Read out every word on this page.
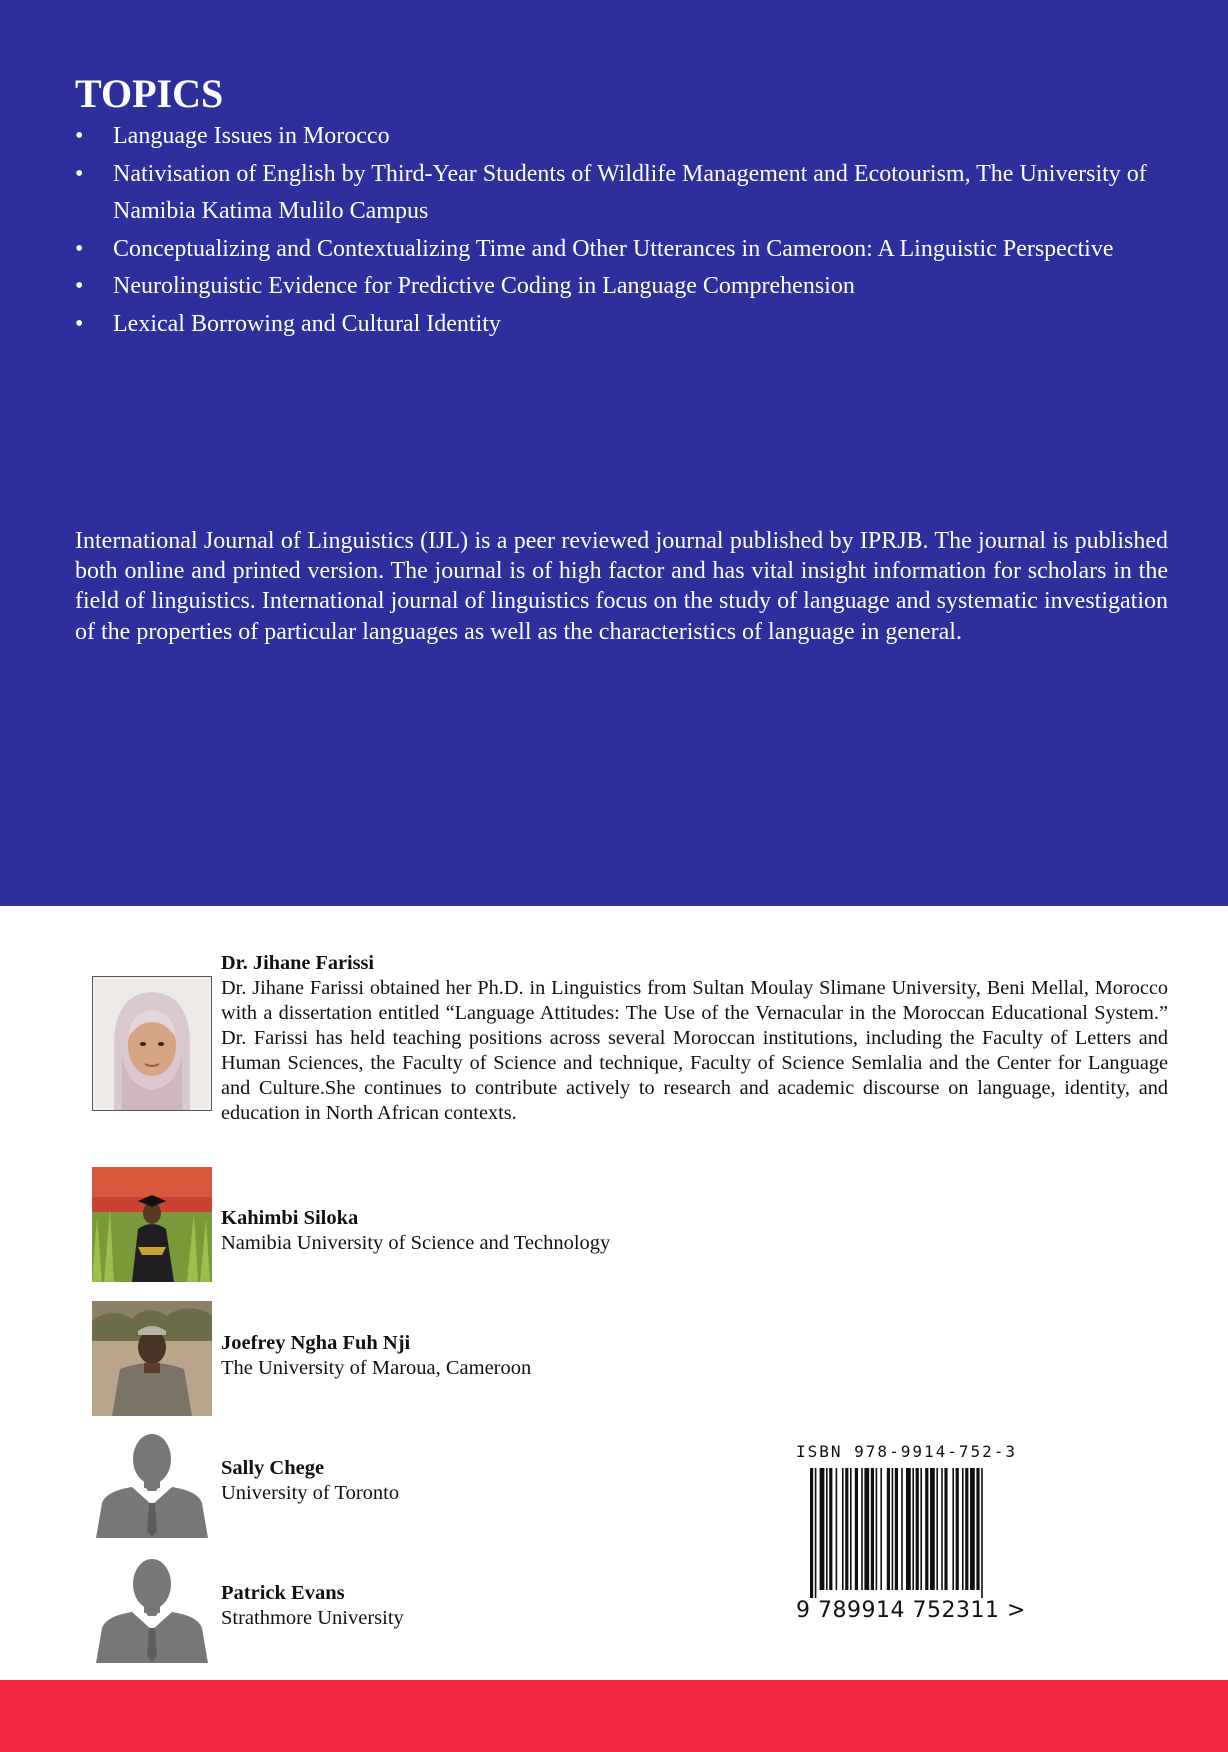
TOPICS
• Language Issues in Morocco
• Nativisation of English by Third-Year Students of Wildlife Management and Ecotourism, The University of Namibia Katima Mulilo Campus
• Conceptualizing and Contextualizing Time and Other Utterances in Cameroon: A Linguistic Perspective
• Neurolinguistic Evidence for Predictive Coding in Language Comprehension
• Lexical Borrowing and Cultural Identity

International Journal of Linguistics (IJL) is a peer reviewed journal published by IPRJB. The journal is published both online and printed version. The journal is of high factor and has vital insight information for scholars in the field of linguistics. International journal of linguistics focus on the study of language and systematic investigation of the properties of particular languages as well as the characteristics of language in general.

Dr. Jihane Farissi
Dr. Jihane Farissi obtained her Ph.D. in Linguistics from Sultan Moulay Slimane University, Beni Mellal, Morocco with a dissertation entitled “Language Attitudes: The Use of the Vernacular in the Moroccan Educational System.” Dr. Farissi has held teaching positions across several Moroccan institutions, including the Faculty of Letters and Human Sciences, the Faculty of Science and technique, Faculty of Science Semlalia and the Center for Language and Culture.She continues to contribute actively to research and academic discourse on language, identity, and education in North African contexts.
Kahimbi Siloka
Namibia University of Science and Technology
Joefrey Ngha Fuh Nji
The University of Maroua, Cameroon
Sally Chege
University of Toronto
Patrick Evans
Strathmore University
ISBN 978-9914-752-3
9 789914 752311 >
